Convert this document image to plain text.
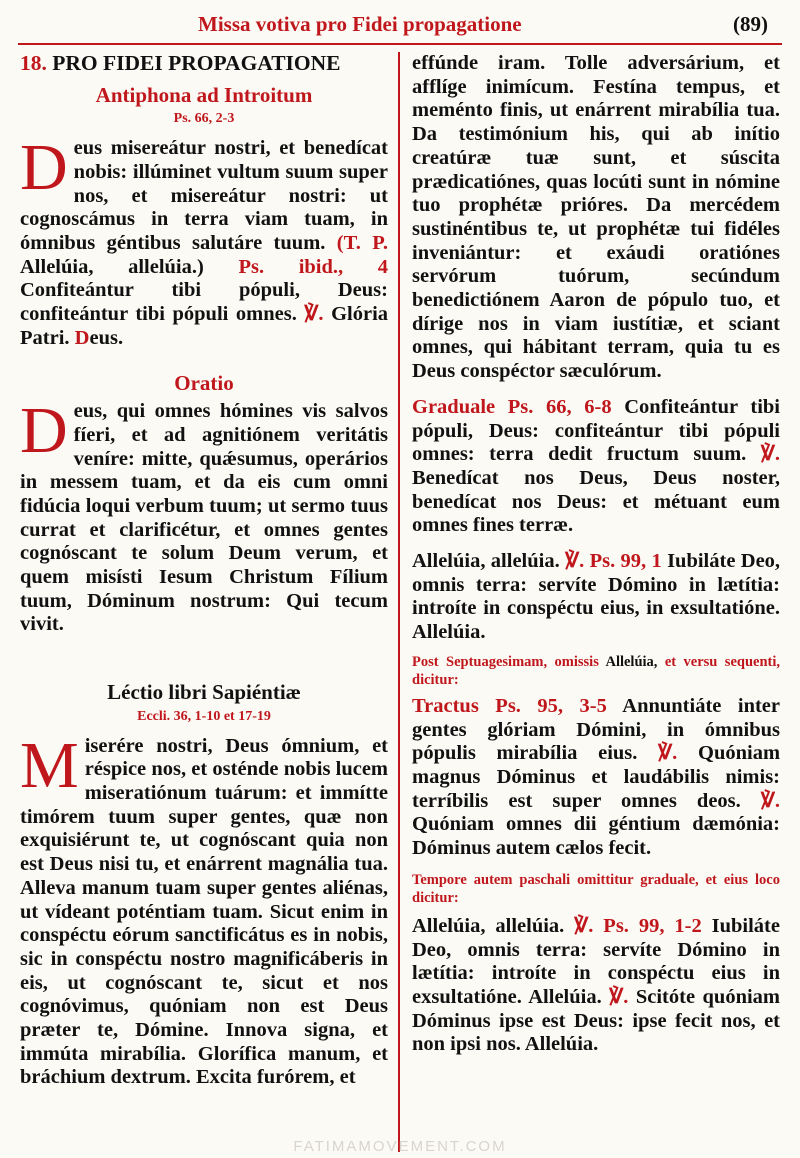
Missa votiva pro Fidei propagatione	(89)
18. PRO FIDEI PROPAGATIONE
Antiphona ad Introitum
Ps. 66, 2-3

Deus misereátur nostri, et benedícat nobis: illúminet vultum suum super nos, et misereátur nostri: ut cognoscámus in terra viam tuam, in ómnibus géntibus salutáre tuum. (T. P. Allelúia, allelúia.) Ps. ibid., 4 Confiteántur tibi pópuli, Deus: confiteántur tibi pópuli omnes. ℣. Glória Patri. Deus.

Oratio

Deus, qui omnes hómines vis salvos fíeri, et ad agnitiónem veritátis veníre: mitte, quǽsumus, operários in messem tuam, et da eis cum omni fidúcia loqui verbum tuum; ut sermo tuus currat et clarificétur, et omnes gentes cognóscant te solum Deum verum, et quem misísti Iesum Christum Fílium tuum, Dóminum nostrum: Qui tecum vivit.

Léctio libri Sapiéntiæ
Eccli. 36, 1-10 et 17-19

Miserére nostri, Deus ómnium, et réspice nos, et osténde nobis lucem miseratiónum tuárum: et immítte timórem tuum super gentes, quæ non exquisiérunt te, ut cognóscant quia non est Deus nisi tu, et enárrent magnália tua. Alleva manum tuam super gentes aliénas, ut vídeant poténtiam tuam. Sicut enim in conspéctu eórum sanctificátus es in nobis, sic in conspéctu nostro magnificáberis in eis, ut cognóscant te, sicut et nos cognóvimus, quóniam non est Deus præter te, Dómine. Innova signa, et immúta mirabília. Glorífica manum, et bráchium dextrum. Excita furórem, et

effúnde iram. Tolle adversárium, et afflíge inimícum. Festína tempus, et meménto finis, ut enárrent mirabília tua. Da testimónium his, qui ab inítio creatúræ tuæ sunt, et súscita prædicatiónes, quas locúti sunt in nómine tuo prophétæ prióres. Da mercédem sustinéntibus te, ut prophétæ tui fidéles inveniántur: et exáudi oratiónes servórum tuórum, secúndum benedictiónem Aaron de pópulo tuo, et dírige nos in viam iustítiæ, et sciant omnes, qui hábitant terram, quia tu es Deus conspéctor sæculórum.

Graduale Ps. 66, 6-8 Confiteántur tibi pópuli, Deus: confiteántur tibi pópuli omnes: terra dedit fructum suum. ℣. Benedícat nos Deus, Deus noster, benedícat nos Deus: et métuant eum omnes fines terræ.

Allelúia, allelúia. ℣. Ps. 99, 1 Iubiláte Deo, omnis terra: servíte Dómino in lætítia: introíte in conspéctu eius, in exsultatióne. Allelúia.

Post Septuagesimam, omissis Allelúia, et versu sequenti, dicitur:

Tractus Ps. 95, 3-5 Annuntiáte inter gentes glóriam Dómini, in ómnibus pópulis mirabília eius. ℣. Quóniam magnus Dóminus et laudábilis nimis: terríbilis est super omnes deos. ℣. Quóniam omnes dii géntium dæmónia: Dóminus autem cælos fecit.

Tempore autem paschali omittitur graduale, et eius loco dicitur:

Allelúia, allelúia. ℣. Ps. 99, 1-2 Iubiláte Deo, omnis terra: servíte Dómino in lætítia: introíte in conspéctu eius in exsultatióne. Allelúia. ℣. Scitóte quóniam Dóminus ipse est Deus: ipse fecit nos, et non ipsi nos. Allelúia.

FATIMAMOVEMENT.COM
